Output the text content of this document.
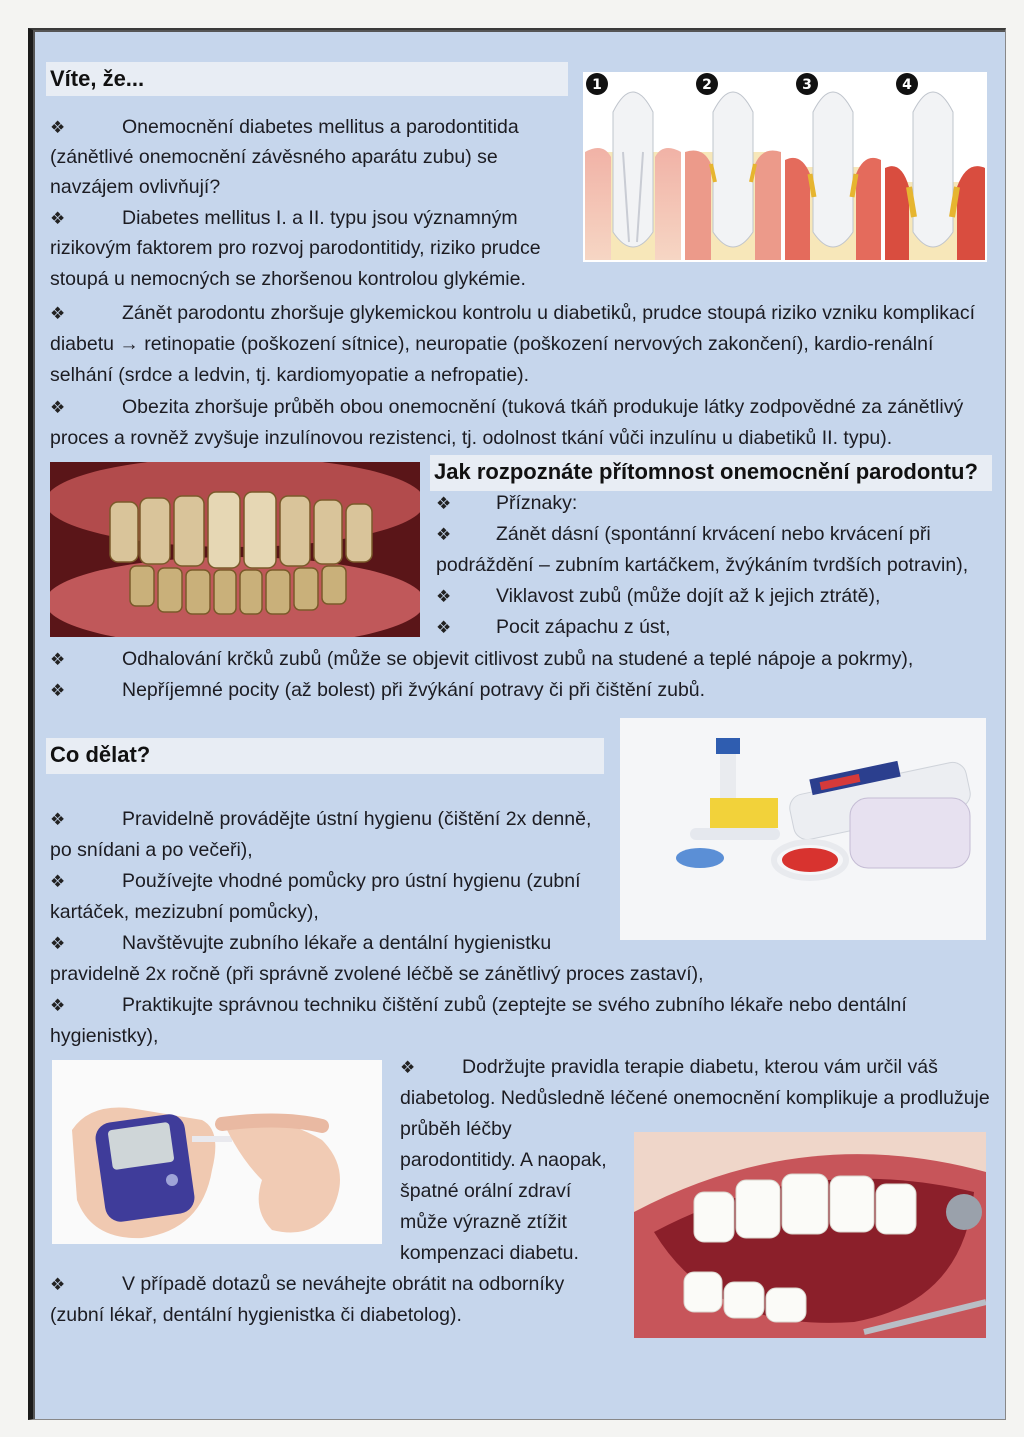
Víte, že...
❖	Onemocnění diabetes mellitus a parodontitida
(zánětlivé onemocnění závěsného aparátu zubu) se
navzájem ovlivňují?
❖	Diabetes mellitus I. a II. typu jsou významným
rizikovým faktorem pro rozvoj parodontitidy, riziko prudce
stoupá u nemocných se zhoršenou kontrolou glykémie.
❖	Zánět parodontu zhoršuje glykemickou kontrolu u diabetiků, prudce stoupá riziko vzniku komplikací
diabetu → retinopatie (poškození sítnice), neuropatie (poškození nervových zakončení), kardio-renální
selhání (srdce a ledvin, tj. kardiomyopatie a nefropatie).
❖	Obezita zhoršuje průběh obou onemocnění (tuková tkáň produkuje látky zodpovědné za zánětlivý
proces a rovněž zvyšuje inzulínovou rezistenci, tj. odolnost tkání vůči inzulínu u diabetiků II. typu).
1	2	3	4
Jak rozpoznáte přítomnost onemocnění parodontu?
❖ Příznaky:
❖ Zánět dásní (spontánní krvácení nebo krvácení při
podráždění – zubním kartáčkem, žvýkáním tvrdších potravin),
❖ Viklavost zubů (může dojít až k jejich ztrátě),
❖ Pocit zápachu z úst,
❖	Odhalování krčků zubů (může se objevit citlivost zubů na studené a teplé nápoje a pokrmy),
❖	Nepříjemné pocity (až bolest) při žvýkání potravy či při čištění zubů.
Co dělat?
❖	Pravidelně provádějte ústní hygienu (čištění 2x denně,
po snídani a po večeři),
❖	Používejte vhodné pomůcky pro ústní hygienu (zubní
kartáček, mezizubní pomůcky),
❖	Navštěvujte zubního lékaře a dentální hygienistku
pravidelně 2x ročně (při správně zvolené léčbě se zánětlivý proces zastaví),
❖	Praktikujte správnou techniku čištění zubů (zeptejte se svého zubního lékaře nebo dentální
hygienistky),
❖ Dodržujte pravidla terapie diabetu, kterou vám určil váš
diabetolog. Nedůsledně léčené onemocnění komplikuje a prodlužuje
průběh léčby
parodontitidy. A naopak,
špatné orální zdraví
může výrazně ztížit
kompenzaci diabetu.
❖	V případě dotazů se neváhejte obrátit na odborníky
(zubní lékař, dentální hygienistka či diabetolog).
